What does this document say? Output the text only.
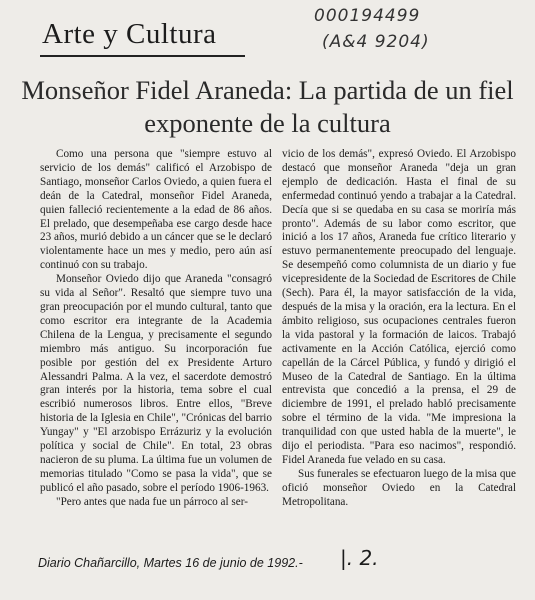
Arte y Cultura
000194499
(A&4 9204)
Monseñor Fidel Araneda: La partida de un fiel exponente de la cultura

Como una persona que "siempre estuvo al servicio de los demás" calificó el Arzobispo de Santiago, monseñor Carlos Oviedo, a quien fuera el deán de la Catedral, monseñor Fidel Araneda, quien falleció recientemente a la edad de 86 años. El prelado, que desempeñaba ese cargo desde hace 23 años, murió debido a un cáncer que se le declaró violentamente hace un mes y medio, pero aún así continuó con su trabajo.

Monseñor Oviedo dijo que Araneda "consagró su vida al Señor". Resaltó que siempre tuvo una gran preocupación por el mundo cultural, tanto que como escritor era integrante de la Academia Chilena de la Lengua, y precisamente el segundo miembro más antiguo. Su incorporación fue posible por gestión del ex Presidente Arturo Alessandri Palma. A la vez, el sacerdote demostró gran interés por la historia, tema sobre el cual escribió numerosos libros. Entre ellos, "Breve historia de la Iglesia en Chile", "Crónicas del barrio Yungay" y "El arzobispo Errázuriz y la evolución política y social de Chile". En total, 23 obras nacieron de su pluma. La última fue un volumen de memorias titulado "Como se pasa la vida", que se publicó el año pasado, sobre el período 1906-1963.

"Pero antes que nada fue un párroco al ser-

vicio de los demás", expresó Oviedo. El Arzobispo destacó que monseñor Araneda "deja un gran ejemplo de dedicación. Hasta el final de su enfermedad continuó yendo a trabajar a la Catedral. Decía que si se quedaba en su casa se moriría más pronto". Además de su labor como escritor, que inició a los 17 años, Araneda fue crítico literario y estuvo permanentemente preocupado del lenguaje. Se desempeñó como columnista de un diario y fue vicepresidente de la Sociedad de Escritores de Chile (Sech). Para él, la mayor satisfacción de la vida, después de la misa y la oración, era la lectura. En el ámbito religioso, sus ocupaciones centrales fueron la vida pastoral y la formación de laicos. Trabajó activamente en la Acción Católica, ejerció como capellán de la Cárcel Pública, y fundó y dirigió el Museo de la Catedral de Santiago. En la última entrevista que concedió a la prensa, el 29 de diciembre de 1991, el prelado habló precisamente sobre el término de la vida. "Me impresiona la tranquilidad con que usted habla de la muerte", le dijo el periodista. "Para eso nacimos", respondió. Fidel Araneda fue velado en su casa.

Sus funerales se efectuaron luego de la misa que ofició monseñor Oviedo en la Catedral Metropolitana.

Diario Chañarcillo, Martes 16 de junio de 1992.- |. 2.
